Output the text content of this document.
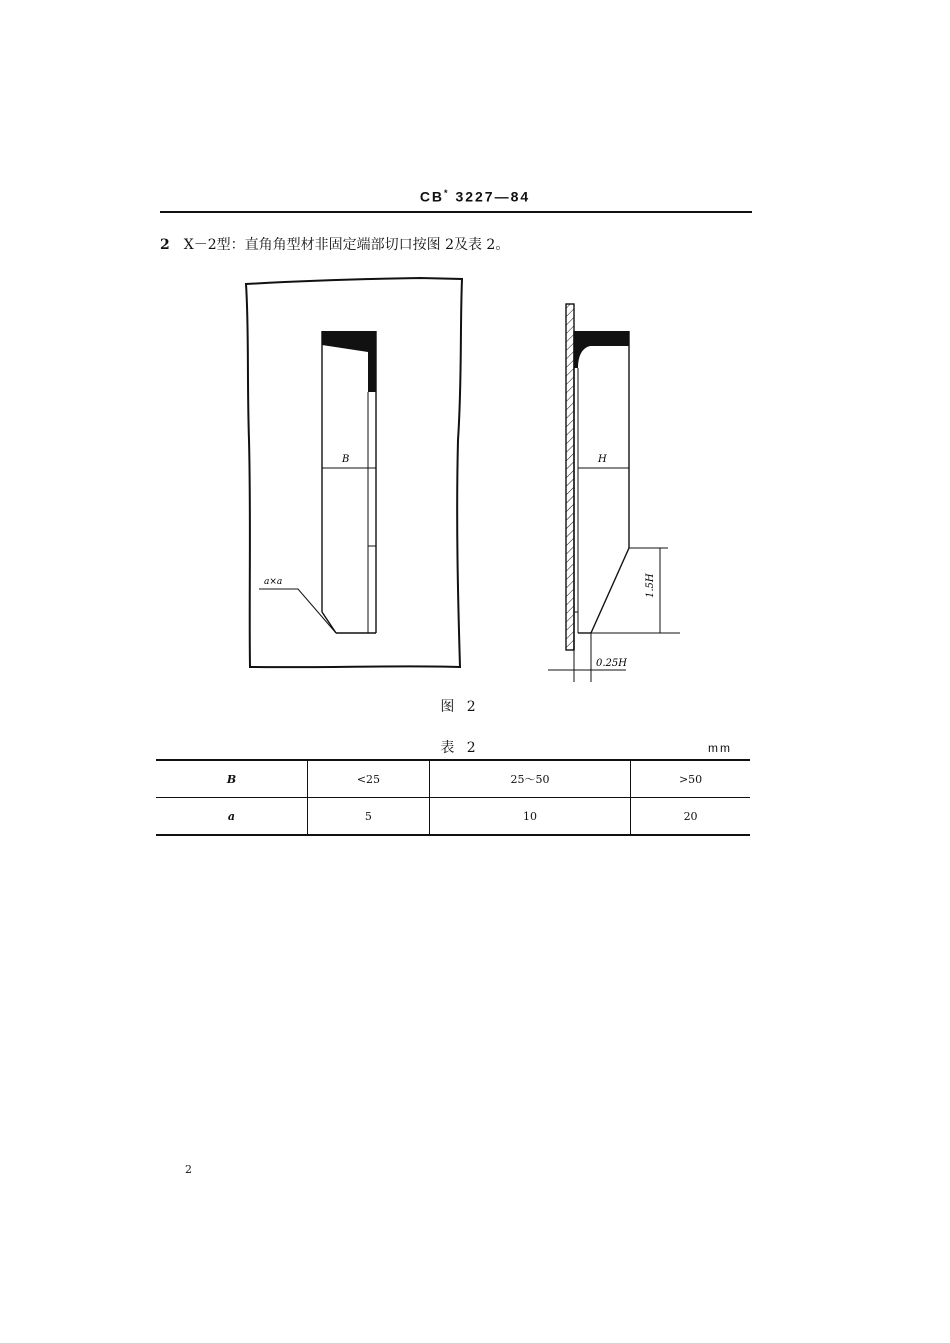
CB* 3227—84
2 X－2型：直角角型材非固定端部切口按图 2及表 2。
B
a×a
H
1.5H
0.25H
图 2
表 2	mm
B	<25	25～50	>50
a	5	10	20
2
